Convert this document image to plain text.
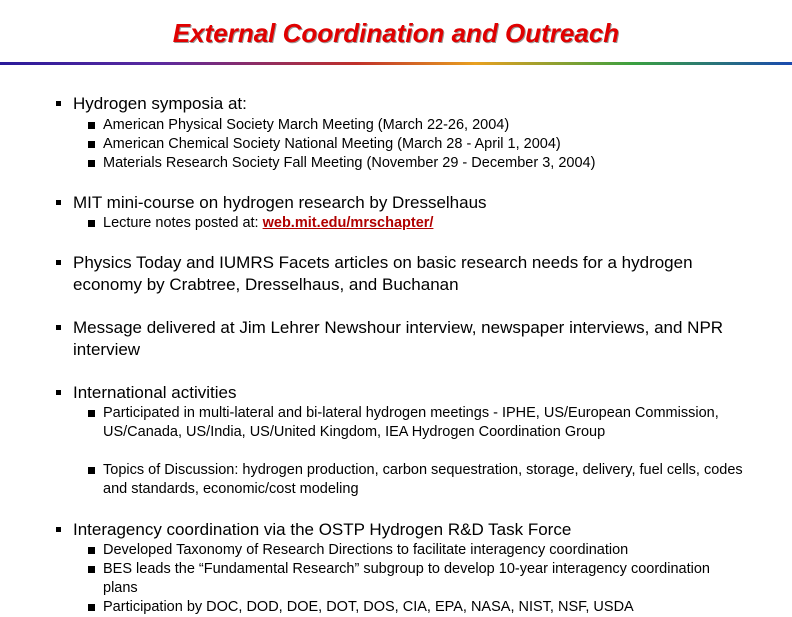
External Coordination and Outreach
Hydrogen symposia at:
American Physical Society March Meeting (March 22-26, 2004)
American Chemical Society National Meeting (March 28 - April 1, 2004)
Materials Research Society Fall Meeting (November 29 - December 3, 2004)
MIT mini-course on hydrogen research by Dresselhaus
Lecture notes posted at: web.mit.edu/mrschapter/
Physics Today and IUMRS Facets articles on basic research needs for a hydrogen economy by Crabtree, Dresselhaus, and Buchanan
Message delivered at Jim Lehrer Newshour interview, newspaper interviews, and NPR interview
International activities
Participated in multi-lateral and bi-lateral hydrogen meetings - IPHE, US/European Commission, US/Canada, US/India, US/United Kingdom, IEA Hydrogen Coordination Group
Topics of Discussion: hydrogen production, carbon sequestration, storage, delivery, fuel cells, codes and standards, economic/cost modeling
Interagency coordination via the OSTP Hydrogen R&D Task Force
Developed Taxonomy of Research Directions to facilitate interagency coordination
BES leads the “Fundamental Research” subgroup to develop 10-year interagency coordination plans
Participation by DOC, DOD, DOE, DOT, DOS, CIA, EPA, NASA, NIST, NSF, USDA
